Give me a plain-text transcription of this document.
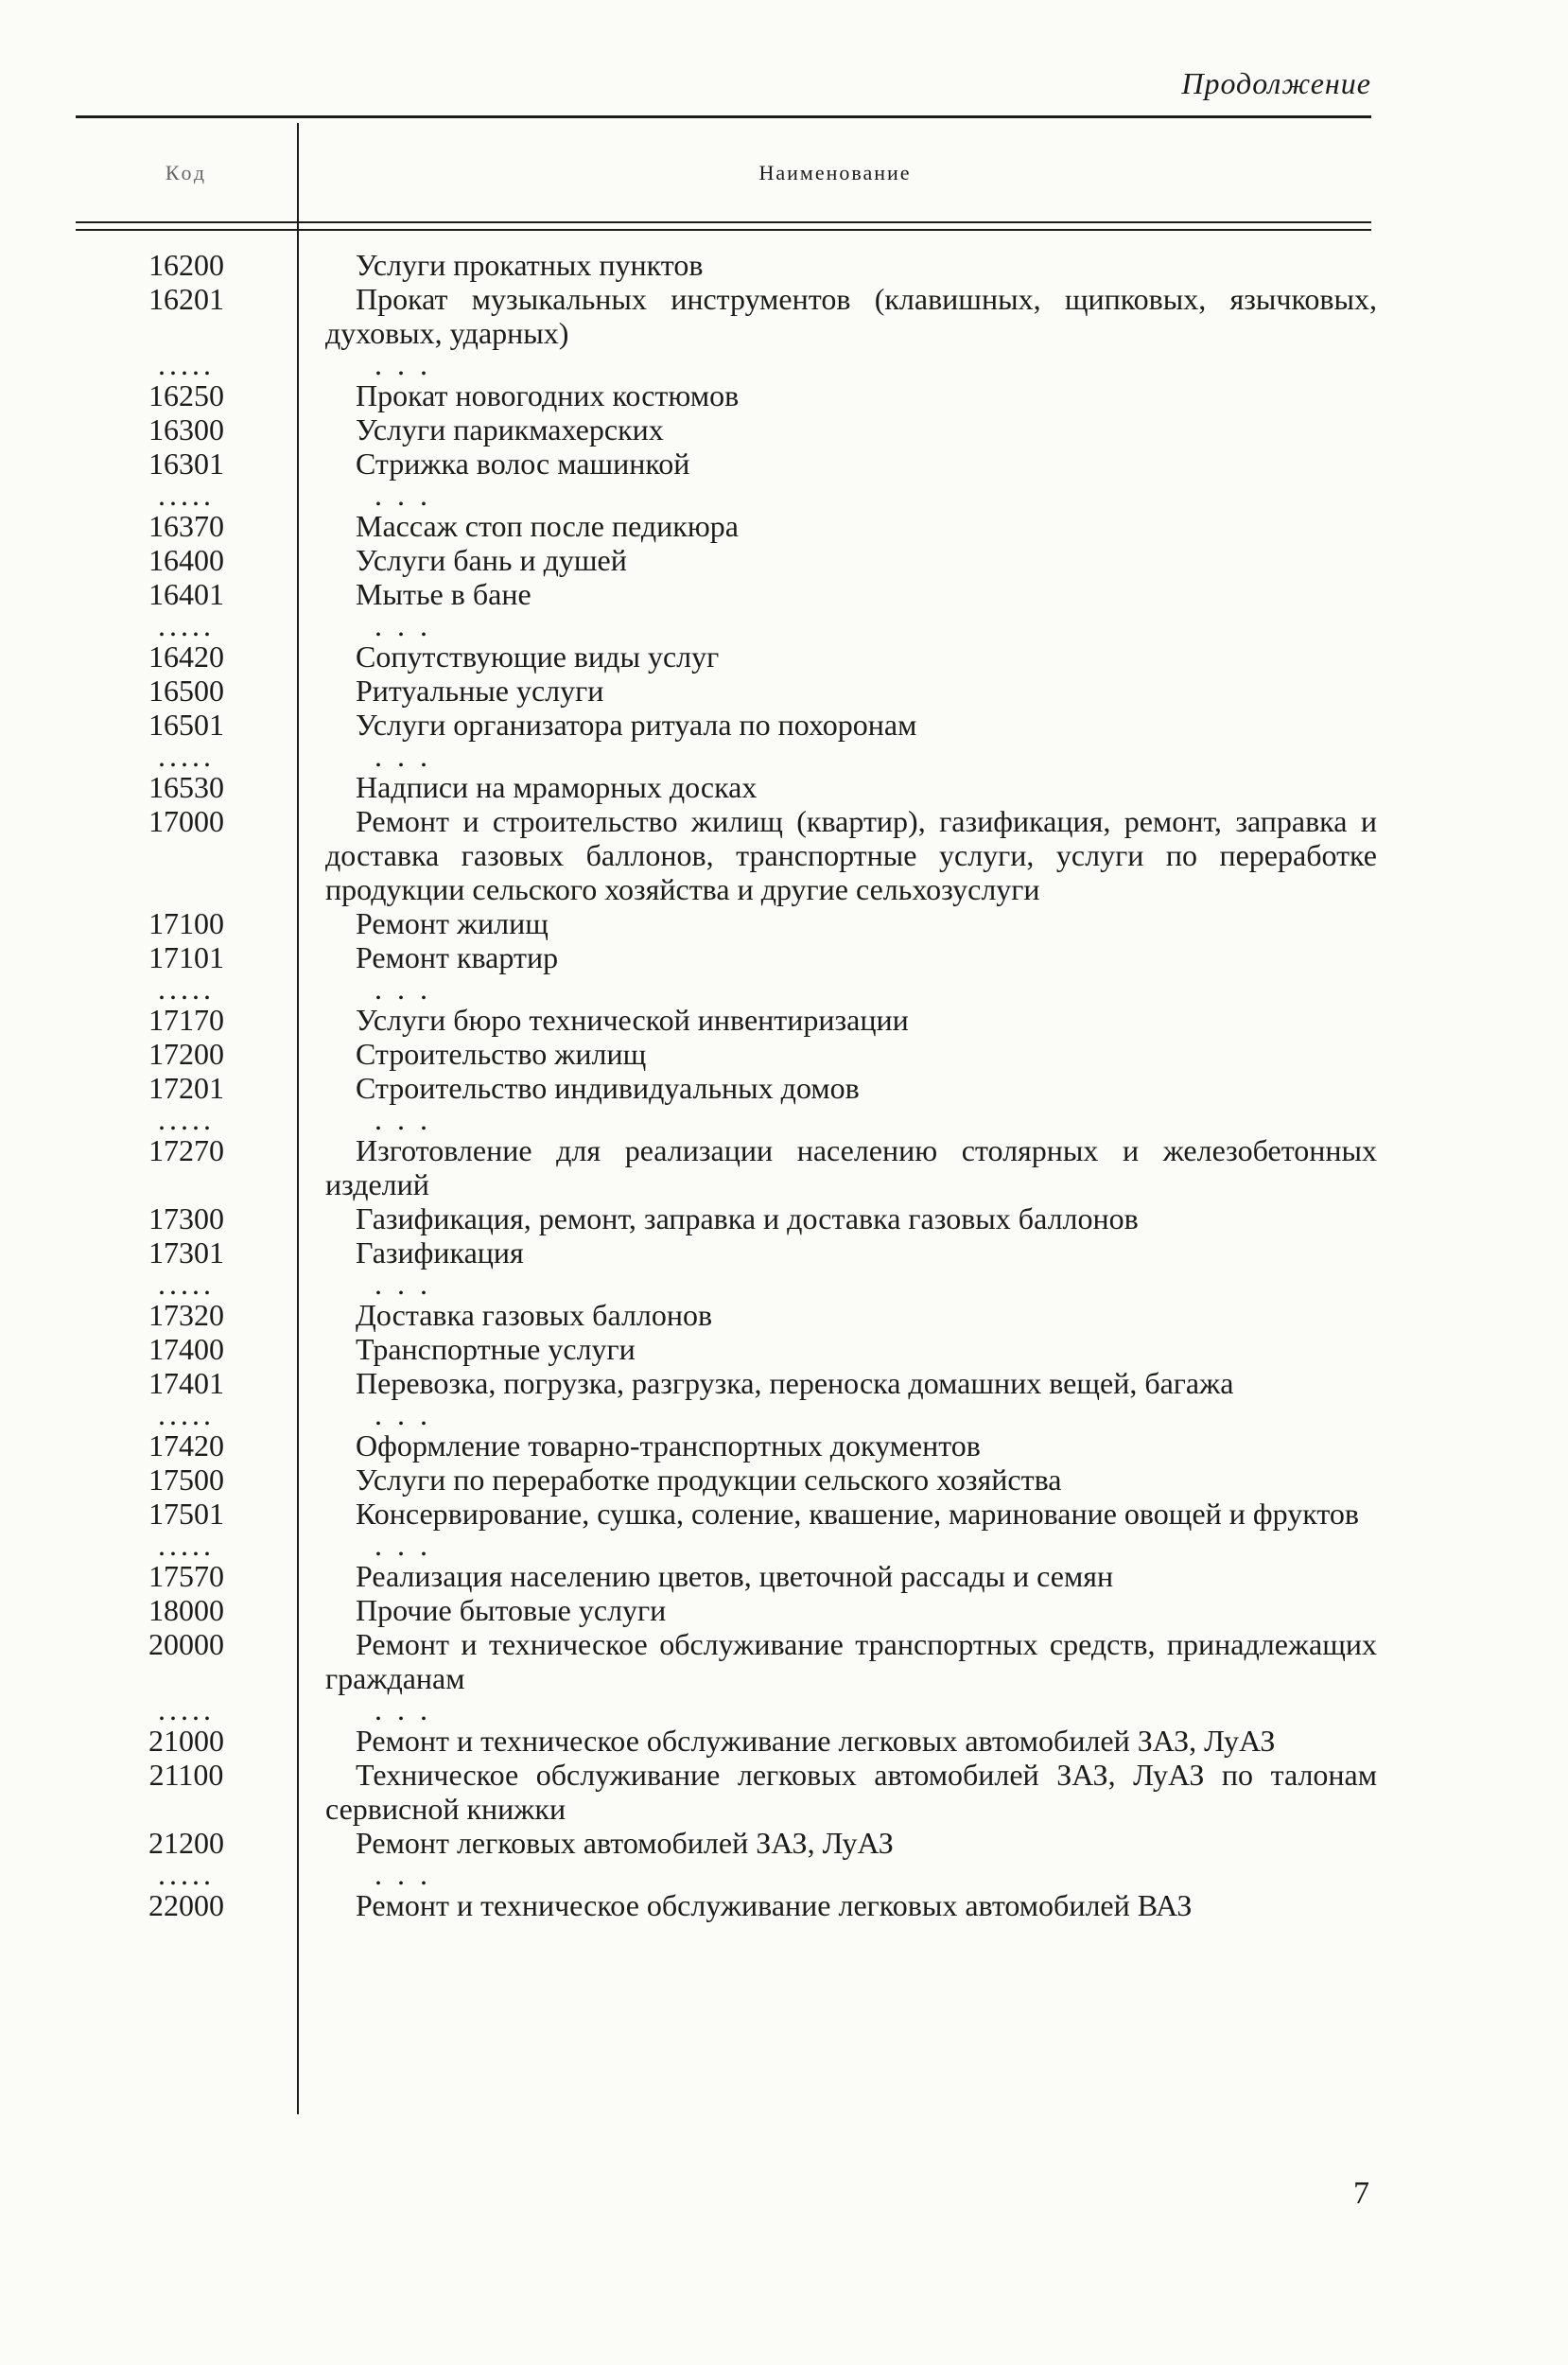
Продолжение
Код	Наименование
16200	Услуги прокатных пунктов
16201	Прокат музыкальных инструментов (клавишных, щипковых, язычковых, духовых, ударных)
.....	. . .
16250	Прокат новогодних костюмов
16300	Услуги парикмахерских
16301	Стрижка волос машинкой
.....	. . .
16370	Массаж стоп после педикюра
16400	Услуги бань и душей
16401	Мытье в бане
.....	. . .
16420	Сопутствующие виды услуг
16500	Ритуальные услуги
16501	Услуги организатора ритуала по похоронам
.....	. . .
16530	Надписи на мраморных досках
17000	Ремонт и строительство жилищ (квартир), газификация, ремонт, заправка и доставка газовых баллонов, транспортные услуги, услуги по переработке продукции сельского хозяйства и другие сельхозуслуги
17100	Ремонт жилищ
17101	Ремонт квартир
.....	. . .
17170	Услуги бюро технической инвентиризации
17200	Строительство жилищ
17201	Строительство индивидуальных домов
.....	. . .
17270	Изготовление для реализации населению столярных и железобетонных изделий
17300	Газификация, ремонт, заправка и доставка газовых баллонов
17301	Газификация
.....	. . .
17320	Доставка газовых баллонов
17400	Транспортные услуги
17401	Перевозка, погрузка, разгрузка, переноска домашних вещей, багажа
.....	. . .
17420	Оформление товарно-транспортных документов
17500	Услуги по переработке продукции сельского хозяйства
17501	Консервирование, сушка, соление, квашение, маринование овощей и фруктов
.....	. . .
17570	Реализация населению цветов, цветочной рассады и семян
18000	Прочие бытовые услуги
20000	Ремонт и техническое обслуживание транспортных средств, принадлежащих гражданам
.....	. . .
21000	Ремонт и техническое обслуживание легковых автомобилей ЗАЗ, ЛуАЗ
21100	Техническое обслуживание легковых автомобилей ЗАЗ, ЛуАЗ по талонам сервисной книжки
21200	Ремонт легковых автомобилей ЗАЗ, ЛуАЗ
.....	. . .
22000	Ремонт и техническое обслуживание легковых автомобилей ВАЗ
7
